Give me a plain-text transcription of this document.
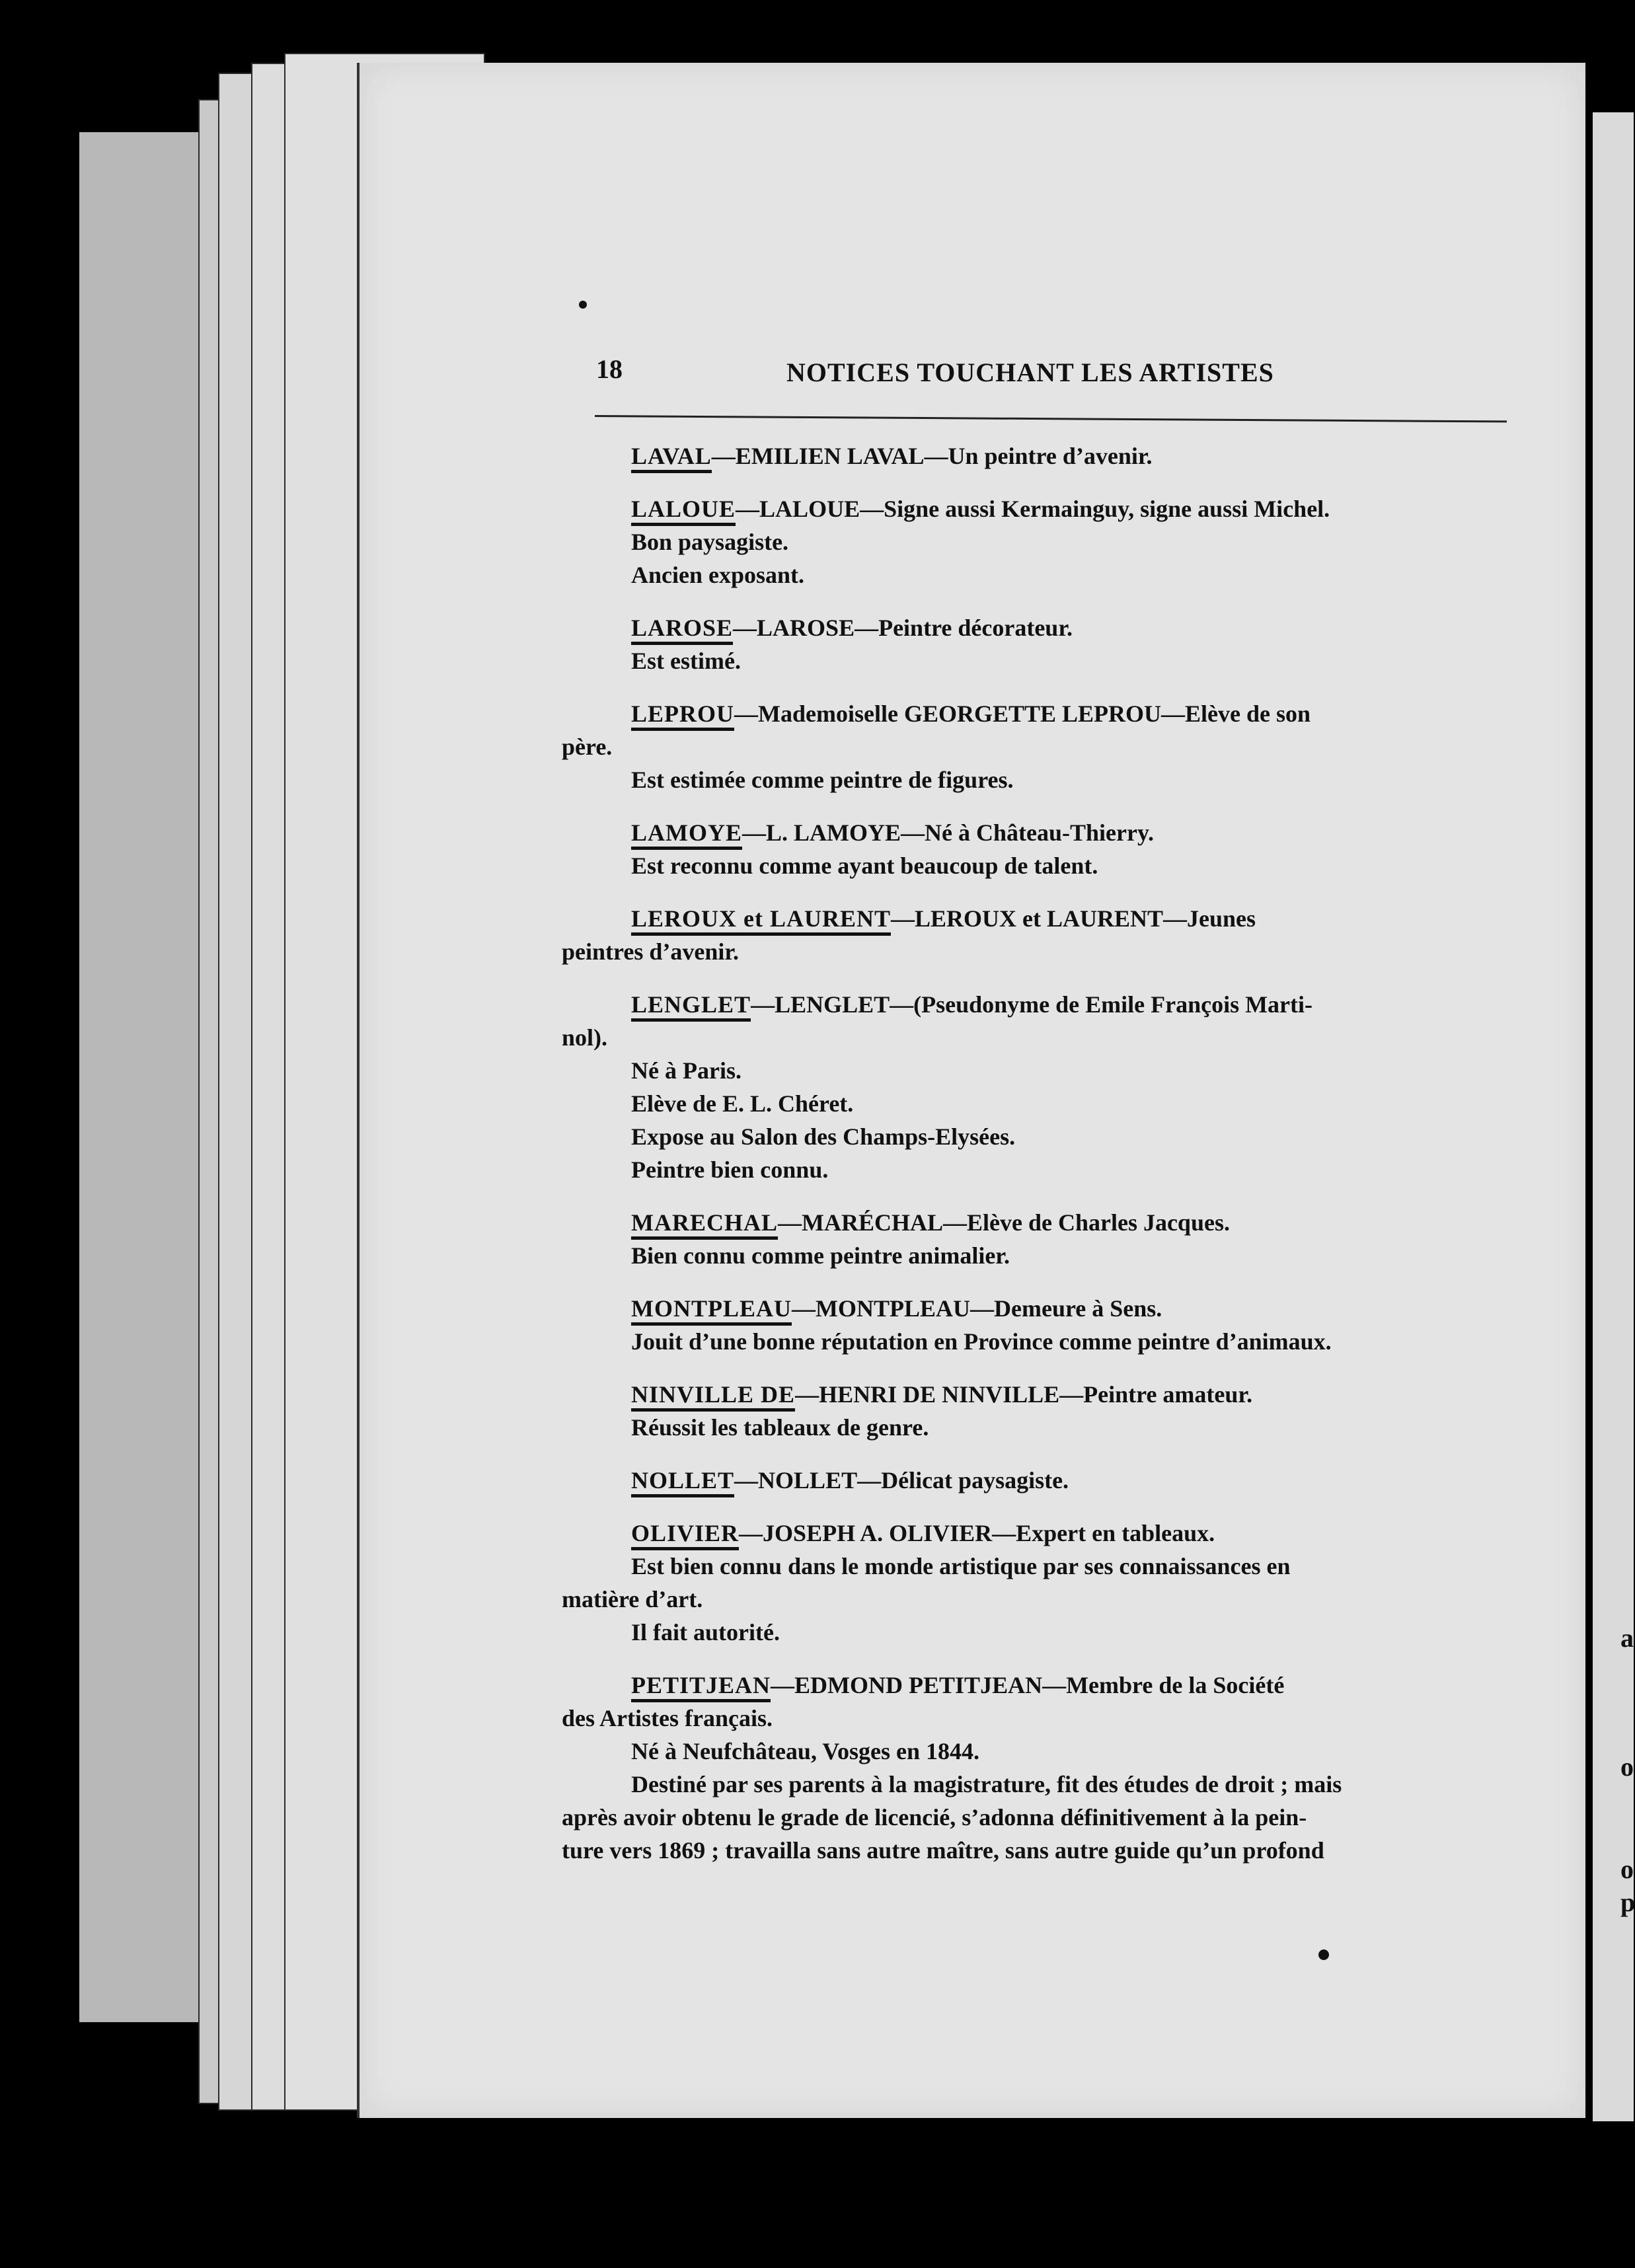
a
o
o
p
18	NOTICES TOUCHANT LES ARTISTES

LAVAL—EMILIEN LAVAL—Un peintre d’avenir.

LALOUE—LALOUE—Signe aussi Kermainguy, signe aussi Michel.

Bon paysagiste.

Ancien exposant.

LAROSE—LAROSE—Peintre décorateur.

Est estimé.

LEPROU—Mademoiselle GEORGETTE LEPROU—Elève de son

père.

Est estimée comme peintre de figures.

LAMOYE—L. LAMOYE—Né à Château-Thierry.

Est reconnu comme ayant beaucoup de talent.

LEROUX et LAURENT—LEROUX et LAURENT—Jeunes

peintres d’avenir.

LENGLET—LENGLET—(Pseudonyme de Emile François Marti-

nol).

Né à Paris.

Elève de E. L. Chéret.

Expose au Salon des Champs-Elysées.

Peintre bien connu.

MARECHAL—MARÉCHAL—Elève de Charles Jacques.

Bien connu comme peintre animalier.

MONTPLEAU—MONTPLEAU—Demeure à Sens.

Jouit d’une bonne réputation en Province comme peintre d’animaux.

NINVILLE DE—HENRI DE NINVILLE—Peintre amateur.

Réussit les tableaux de genre.

NOLLET—NOLLET—Délicat paysagiste.

OLIVIER—JOSEPH A. OLIVIER—Expert en tableaux.

Est bien connu dans le monde artistique par ses connaissances en

matière d’art.

Il fait autorité.

PETITJEAN—EDMOND PETITJEAN—Membre de la Société

des Artistes français.

Né à Neufchâteau, Vosges en 1844.

Destiné par ses parents à la magistrature, fit des études de droit ; mais

après avoir obtenu le grade de licencié, s’adonna définitivement à la pein-

ture vers 1869 ; travailla sans autre maître, sans autre guide qu’un profond
